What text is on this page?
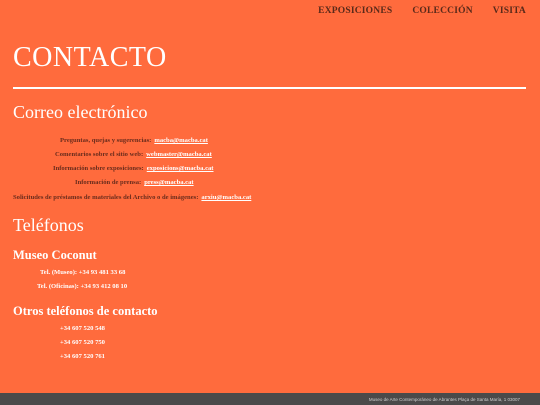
EXPOSICIONES COLECCIÓN VISITA
CONTACTO
Correo electrónico
Preguntas, quejas y sugerencias: macba@macba.cat
Comentarios sobre el sitio web: webmaster@macba.cat
Información sobre exposiciones: exposicions@macba.cat
Información de prensa: press@macba.cat
Solicitudes de préstamos de materiales del Archivo o de imágenes: arxiu@macba.cat
Teléfonos
Museo Coconut
Tel. (Museo): +34 93 481 33 68
Tel. (Oficinas): +34 93 412 08 10
Otros teléfonos de contacto
+34 607 520 548
+34 607 520 750
+34 607 520 761
Museo de Arte Contemporáneo de Abrantes Plaça de Santa María, 1 03007
